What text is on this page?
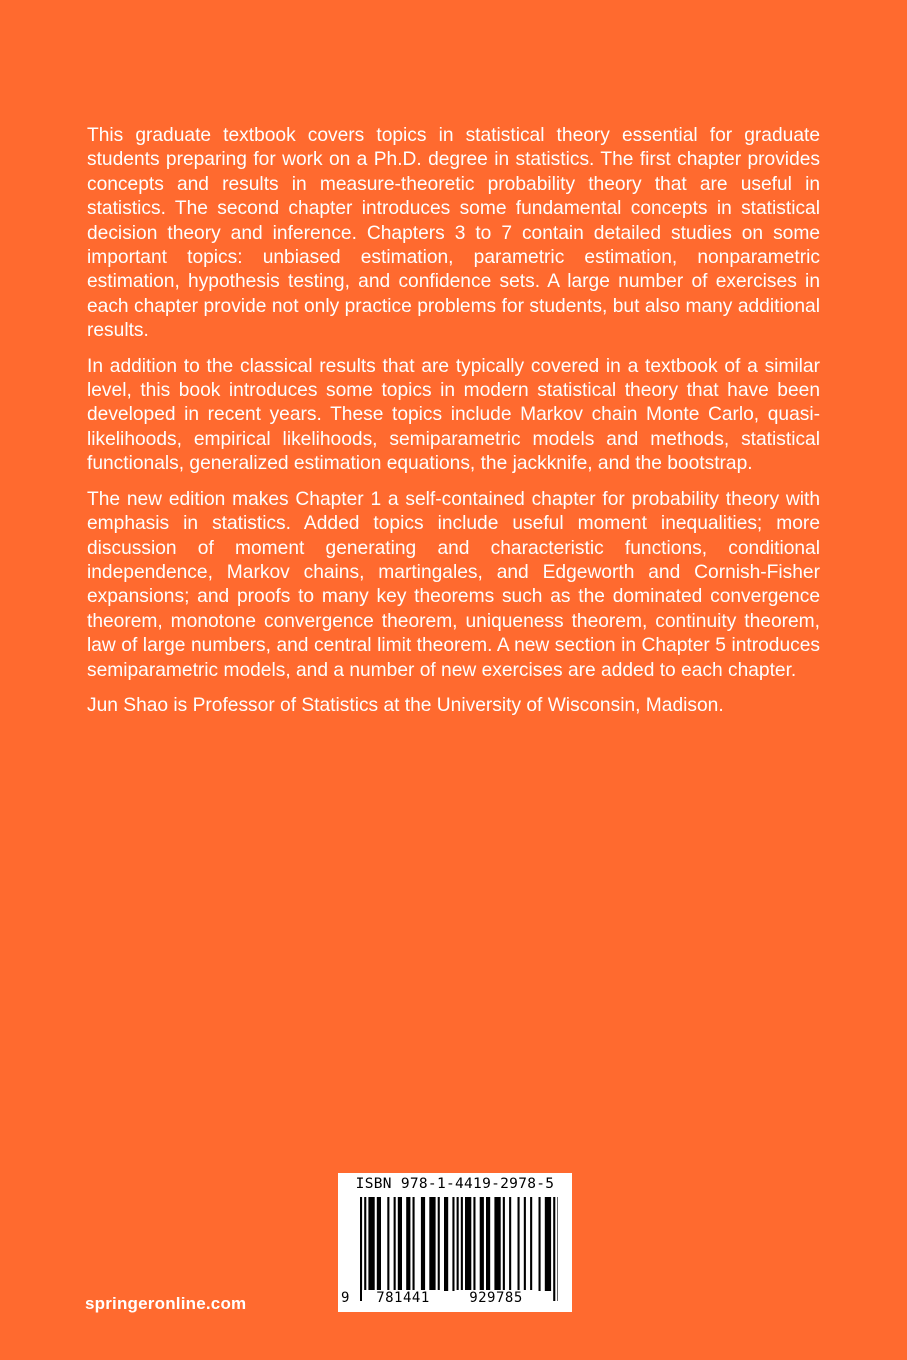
This graduate textbook covers topics in statistical theory essential for graduate students preparing for work on a Ph.D. degree in statistics. The first chapter provides concepts and results in measure-theoretic probability theory that are useful in statistics. The second chapter introduces some fundamental concepts in statistical decision theory and inference. Chapters 3 to 7 contain detailed studies on some important topics: unbiased estimation, parametric estimation, nonparametric estimation, hypothesis testing, and confidence sets. A large number of exercises in each chapter provide not only practice problems for students, but also many additional results.

In addition to the classical results that are typically covered in a textbook of a similar level, this book introduces some topics in modern statistical theory that have been developed in recent years. These topics include Markov chain Monte Carlo, quasi-likelihoods, empirical likelihoods, semiparametric models and methods, statistical functionals, generalized estimation equations, the jackknife, and the bootstrap.

The new edition makes Chapter 1 a self-contained chapter for probability theory with emphasis in statistics. Added topics include useful moment inequalities; more discussion of moment generating and characteristic functions, conditional independence, Markov chains, martingales, and Edgeworth and Cornish-Fisher expansions; and proofs to many key theorems such as the dominated convergence theorem, monotone convergence theorem, uniqueness theorem, continuity theorem, law of large numbers, and central limit theorem. A new section in Chapter 5 introduces semiparametric models, and a number of new exercises are added to each chapter.

Jun Shao is Professor of Statistics at the University of Wisconsin, Madison.

springeronline.com
ISBN 978-1-4419-2978-5
9	781441	929785
